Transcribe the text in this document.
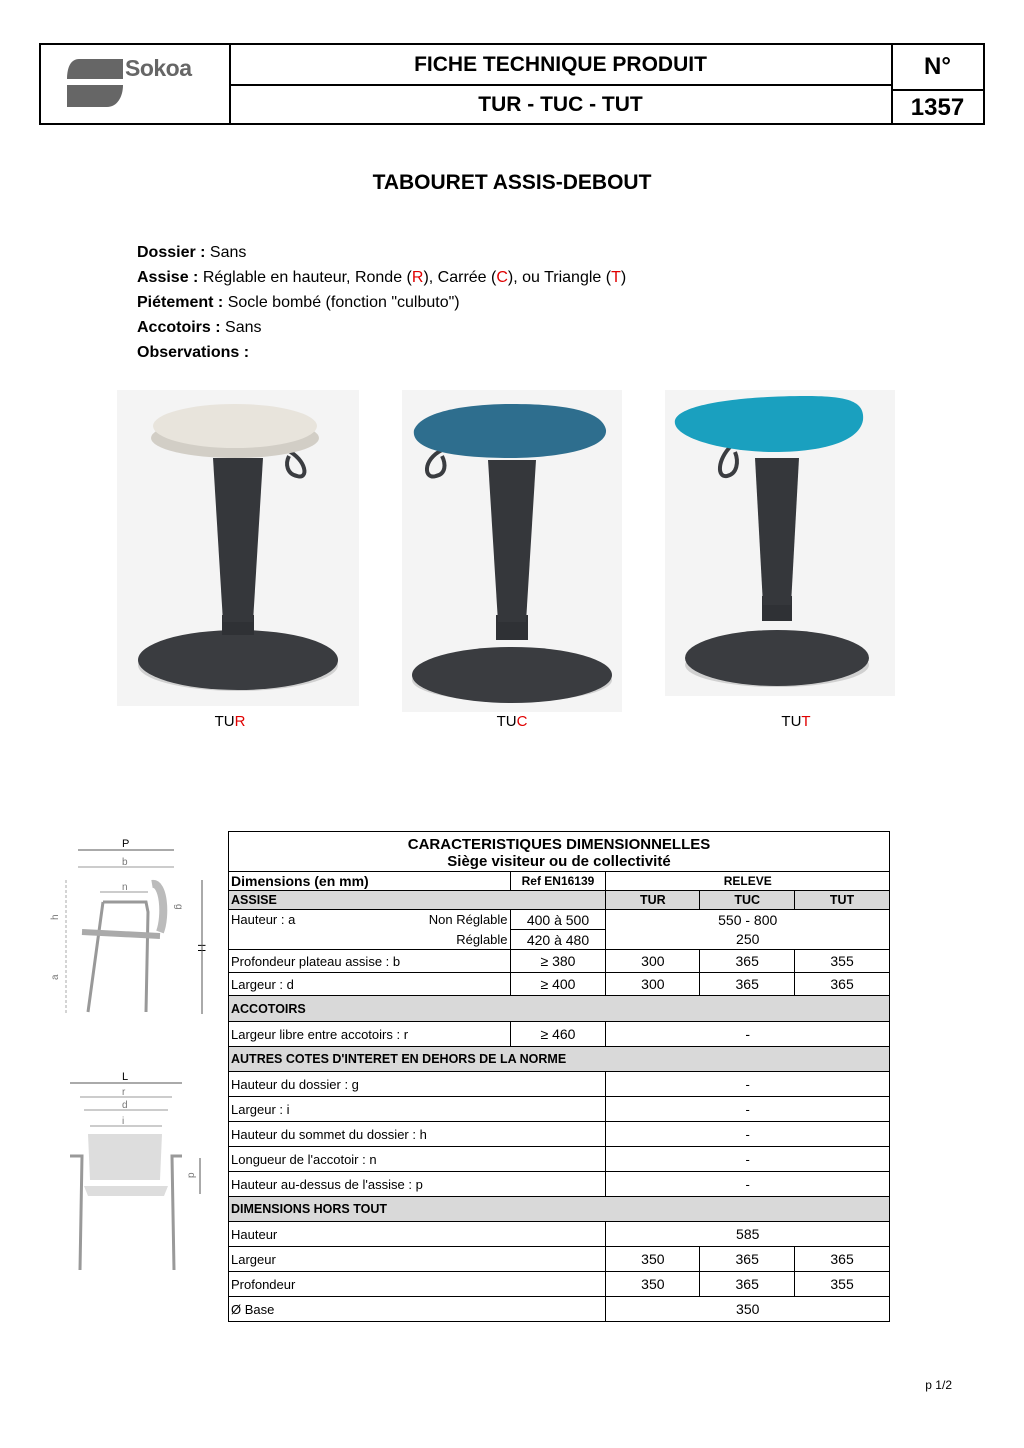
Sokoa	FICHE TECHNIQUE PRODUIT
TUR - TUC - TUT
N°
1357
TABOURET ASSIS-DEBOUT
Dossier : Sans
Assise : Réglable en hauteur, Ronde (R), Carrée (C), ou Triangle (T)
Piétement : Socle bombé (fonction "culbuto")
Accotoirs : Sans
Observations :
TUR	TUC	TUT
P
b
n
g
h
H
a
L
r
d
i
p
CARACTERISTIQUES DIMENSIONNELLES
Siège visiteur ou de collectivité				

Dimensions (en mm)	Ref EN16139	RELEVE		
ASSISE		TUR	TUC	TUT
Hauteur : a Non Réglable	400 à 500	550 - 800		
Réglable	420 à 480	250		
Profondeur plateau assise : b	≥ 380	300	365	355
Largeur : d	≥ 400	300	365	365
ACCOTOIRS				
Largeur libre entre accotoirs : r	≥ 460	-		
AUTRES COTES D'INTERET EN DEHORS DE LA NORME				
Hauteur du dossier : g		-		
Largeur : i		-		
Hauteur du sommet du dossier : h		-		
Longueur de l'accotoir : n		-		
Hauteur au-dessus de l'assise : p		-		
DIMENSIONS HORS TOUT				
Hauteur		585		
Largeur		350	365	365
Profondeur		350	365	355
Ø Base		350		
p 1/2
